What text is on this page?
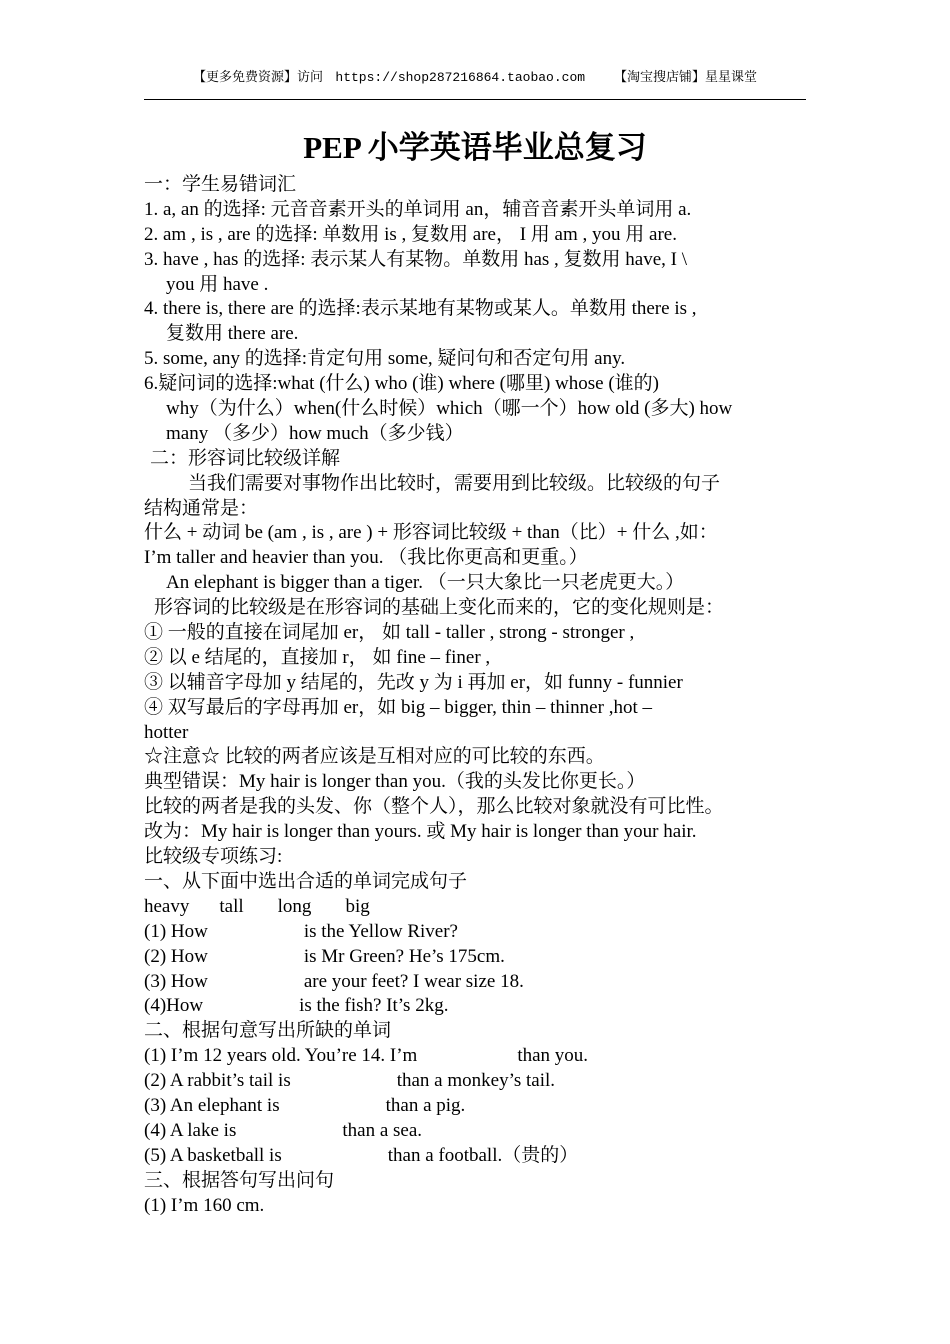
【更多免费资源】访问 https://shop287216864.taobao.com 【淘宝搜店铺】星星课堂
PEP 小学英语毕业总复习
一：学生易错词汇
1. a, an 的选择: 元音音素开头的单词用 an，辅音音素开头单词用 a.
2. am , is , are 的选择: 单数用 is , 复数用 are， I 用 am , you 用 are.
3. have , has 的选择: 表示某人有某物。单数用 has , 复数用 have, I \
you 用 have .
4. there is, there are 的选择:表示某地有某物或某人。单数用 there is ,
复数用 there are.
5. some, any 的选择:肯定句用 some, 疑问句和否定句用 any.
6.疑问词的选择:what (什么) who (谁) where (哪里) whose (谁的)
why（为什么）when(什么时候）which（哪一个）how old (多大) how
many （多少）how much（多少钱）
二：形容词比较级详解
当我们需要对事物作出比较时，需要用到比较级。比较级的句子
结构通常是：
什么 + 动词 be (am , is , are ) + 形容词比较级 + than（比）+ 什么 ,如：
I’m taller and heavier than you. （我比你更高和更重。）
An elephant is bigger than a tiger. （一只大象比一只老虎更大。）
形容词的比较级是在形容词的基础上变化而来的，它的变化规则是：
① 一般的直接在词尾加 er， 如 tall - taller , strong - stronger ,
② 以 e 结尾的，直接加 r， 如 fine – finer ,
③ 以辅音字母加 y 结尾的，先改 y 为 i 再加 er，如 funny - funnier
④ 双写最后的字母再加 er，如 big – bigger, thin – thinner ,hot –
hotter
☆注意☆ 比较的两者应该是互相对应的可比较的东西。
典型错误：My hair is longer than you.（我的头发比你更长。）
比较的两者是我的头发、你（整个人），那么比较对象就没有可比性。
改为：My hair is longer than yours. 或 My hair is longer than your hair.
比较级专项练习:
一、从下面中选出合适的单词完成句子
heavy tall long big
(1) How	is the Yellow River?
(2) How	is Mr Green? He’s 175cm.
(3) How	are your feet? I wear size 18.
(4)How	is the fish? It’s 2kg.
二、根据句意写出所缺的单词
(1) I’m 12 years old. You’re 14. I’m	than you.
(2) A rabbit’s tail is	than a monkey’s tail.
(3) An elephant is	than a pig.
(4) A lake is	than a sea.
(5) A basketball is	than a football.（贵的）
三、根据答句写出问句
(1) I’m 160 cm.
